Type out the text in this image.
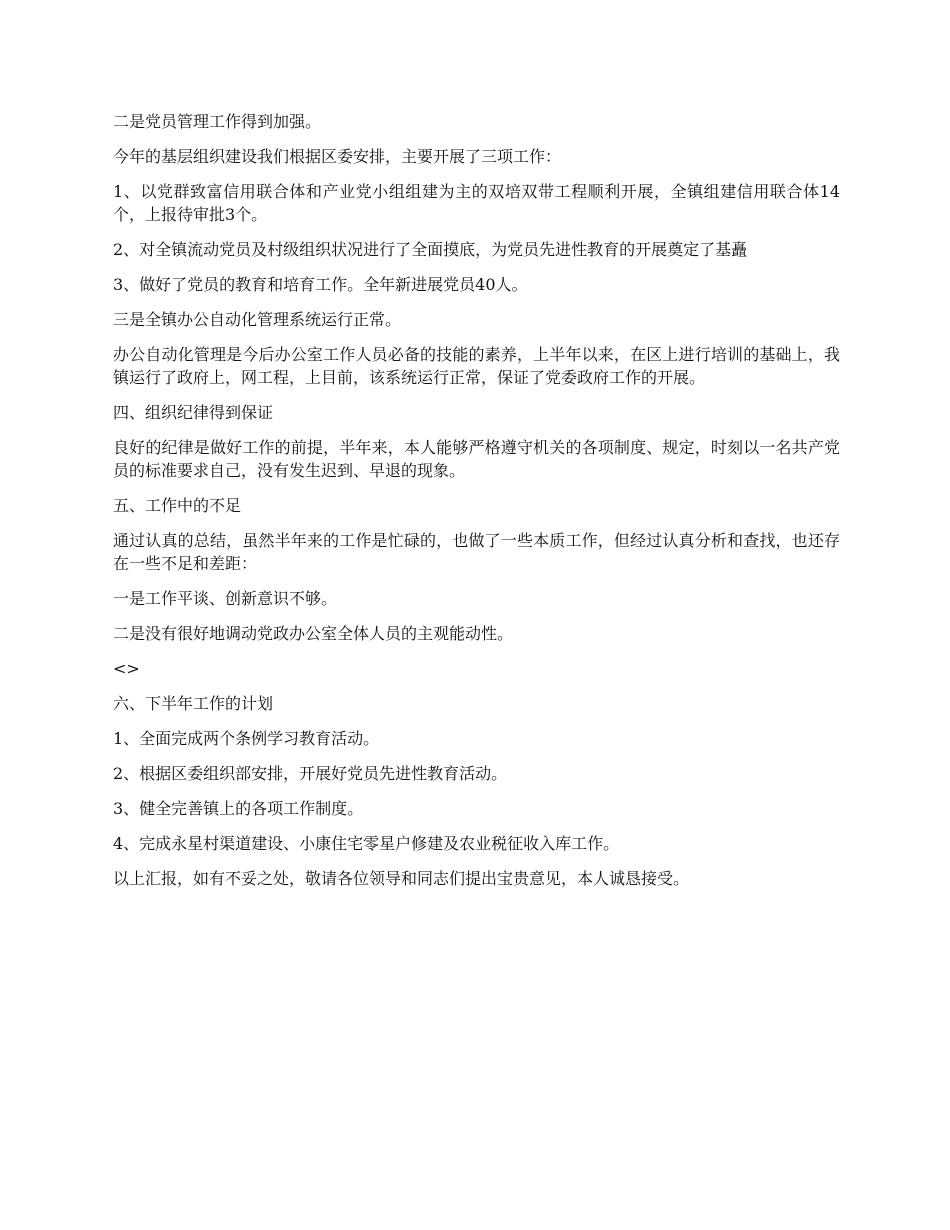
二是党员管理工作得到加强。

今年的基层组织建设我们根据区委安排，主要开展了三项工作：

1、以党群致富信用联合体和产业党小组组建为主的双培双带工程顺利开展，全镇组建信用联合体14个，上报待审批3个。

2、对全镇流动党员及村级组织状况进行了全面摸底，为党员先进性教育的开展奠定了基矗

3、做好了党员的教育和培育工作。全年新进展党员40人。

三是全镇办公自动化管理系统运行正常。

办公自动化管理是今后办公室工作人员必备的技能的素养，上半年以来，在区上进行培训的基础上，我镇运行了政府上，网工程，上目前，该系统运行正常，保证了党委政府工作的开展。

四、组织纪律得到保证

良好的纪律是做好工作的前提，半年来，本人能够严格遵守机关的各项制度、规定，时刻以一名共产党员的标准要求自己，没有发生迟到、早退的现象。

五、工作中的不足

通过认真的总结，虽然半年来的工作是忙碌的，也做了一些本质工作，但经过认真分析和查找，也还存在一些不足和差距：

一是工作平谈、创新意识不够。

二是没有很好地调动党政办公室全体人员的主观能动性。

<>

六、下半年工作的计划

1、全面完成两个条例学习教育活动。

2、根据区委组织部安排，开展好党员先进性教育活动。

3、健全完善镇上的各项工作制度。

4、完成永星村渠道建设、小康住宅零星户修建及农业税征收入库工作。

以上汇报，如有不妥之处，敬请各位领导和同志们提出宝贵意见，本人诚恳接受。
